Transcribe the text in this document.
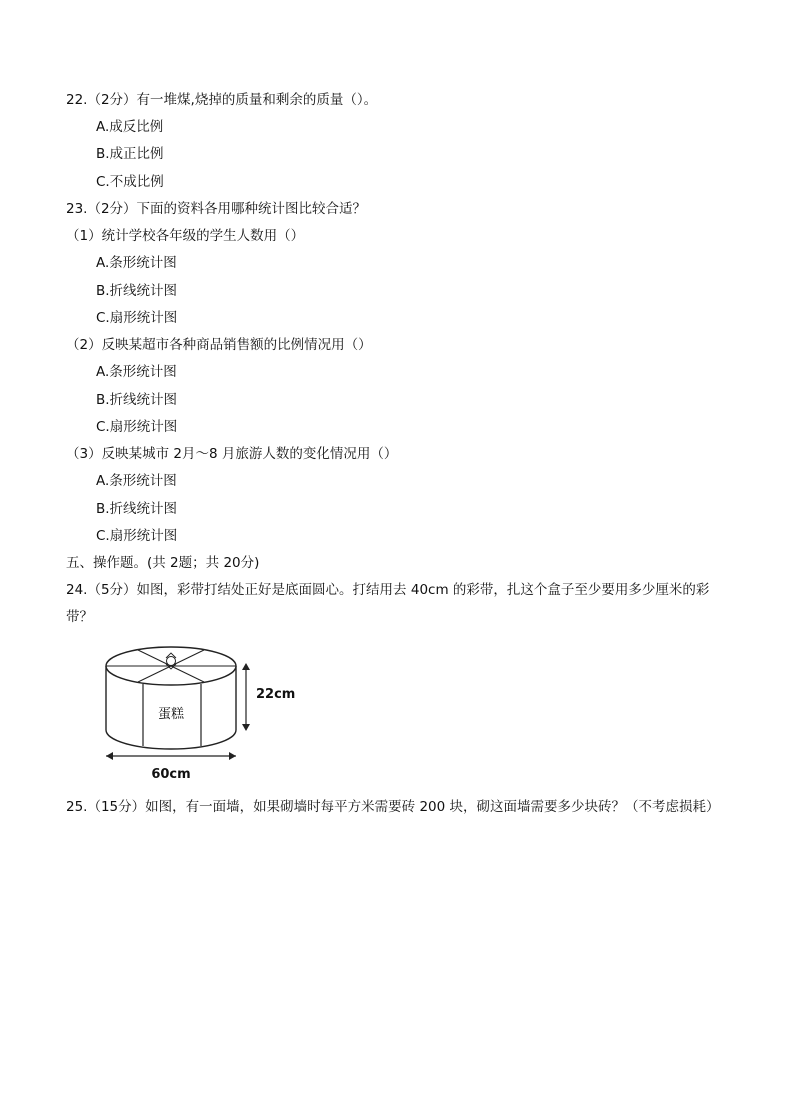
22.（2分）有一堆煤,烧掉的质量和剩余的质量（）。
A.成反比例
B.成正比例
C.不成比例
23.（2分）下面的资料各用哪种统计图比较合适？
（1）统计学校各年级的学生人数用（）
A.条形统计图
B.折线统计图
C.扇形统计图
（2）反映某超市各种商品销售额的比例情况用（）
A.条形统计图
B.折线统计图
C.扇形统计图
（3）反映某城市 2月～8 月旅游人数的变化情况用（）
A.条形统计图
B.折线统计图
C.扇形统计图
五、操作题。(共 2题；共 20分)
24.（5分）如图，彩带打结处正好是底面圆心。打结用去 40cm 的彩带，扎这个盒子至少要用多少厘米的彩带？
蛋糕
22cm
60cm
25.（15分）如图，有一面墙，如果砌墙时每平方米需要砖 200 块，砌这面墙需要多少块砖？（不考虑损耗）
